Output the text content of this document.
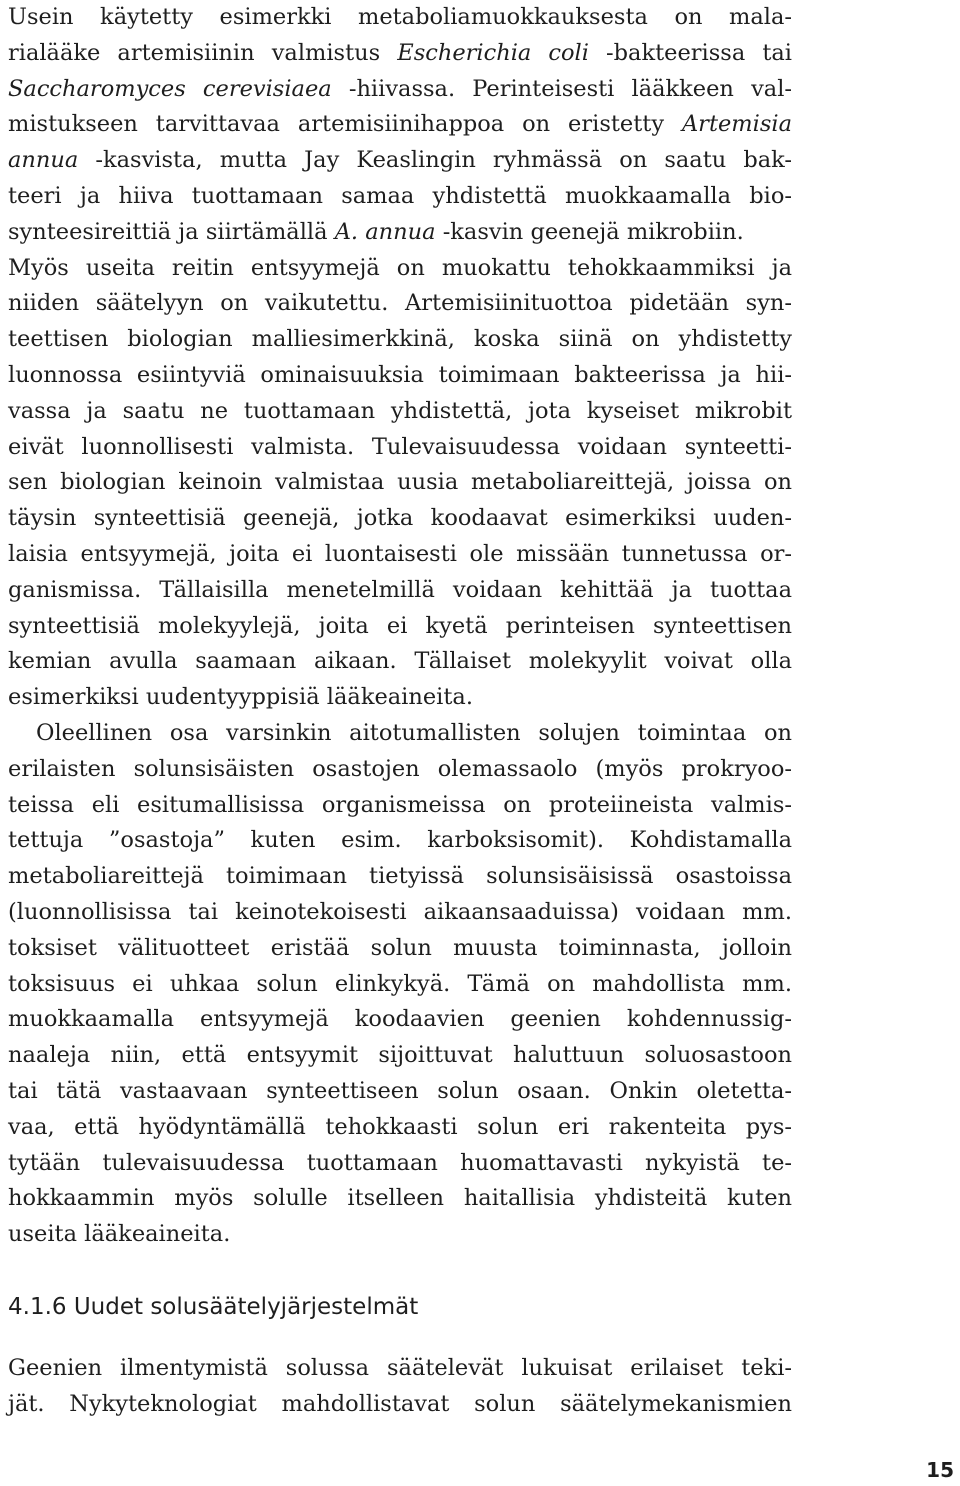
Usein käytetty esimerkki metaboliamuokkauksesta on mala-
rialääke artemisiinin valmistus Escherichia coli -bakteerissa tai
Saccharomyces cerevisiaea -hiivassa. Perinteisesti lääkkeen val-
mistukseen tarvittavaa artemisiinihappoa on eristetty Artemisia
annua -kasvista, mutta Jay Keaslingin ryhmässä on saatu bak-
teeri ja hiiva tuottamaan samaa yhdistettä muokkaamalla bio-
synteesireittiä ja siirtämällä A. annua -kasvin geenejä mikrobiin.
Myös useita reitin entsyymejä on muokattu tehokkaammiksi ja
niiden säätelyyn on vaikutettu. Artemisiinituottoa pidetään syn-
teettisen biologian malliesimerkkinä, koska siinä on yhdistetty
luonnossa esiintyviä ominaisuuksia toimimaan bakteerissa ja hii-
vassa ja saatu ne tuottamaan yhdistettä, jota kyseiset mikrobit
eivät luonnollisesti valmista. Tulevaisuudessa voidaan synteetti-
sen biologian keinoin valmistaa uusia metaboliareittejä, joissa on
täysin synteettisiä geenejä, jotka koodaavat esimerkiksi uuden-
laisia entsyymejä, joita ei luontaisesti ole missään tunnetussa or-
ganismissa. Tällaisilla menetelmillä voidaan kehittää ja tuottaa
synteettisiä molekyylejä, joita ei kyetä perinteisen synteettisen
kemian avulla saamaan aikaan. Tällaiset molekyylit voivat olla
esimerkiksi uudentyyppisiä lääkeaineita.
Oleellinen osa varsinkin aitotumallisten solujen toimintaa on
erilaisten solunsisäisten osastojen olemassaolo (myös prokryoo-
teissa eli esitumallisissa organismeissa on proteiineista valmis-
tettuja ”osastoja” kuten esim. karboksisomit). Kohdistamalla
metaboliareittejä toimimaan tietyissä solunsisäisissä osastoissa
(luonnollisissa tai keinotekoisesti aikaansaaduissa) voidaan mm.
toksiset välituotteet eristää solun muusta toiminnasta, jolloin
toksisuus ei uhkaa solun elinkykyä. Tämä on mahdollista mm.
muokkaamalla entsyymejä koodaavien geenien kohdennussig-
naaleja niin, että entsyymit sijoittuvat haluttuun soluosastoon
tai tätä vastaavaan synteettiseen solun osaan. Onkin oletetta-
vaa, että hyödyntämällä tehokkaasti solun eri rakenteita pys-
tytään tulevaisuudessa tuottamaan huomattavasti nykyistä te-
hokkaammin myös solulle itselleen haitallisia yhdisteitä kuten
useita lääkeaineita.
4.1.6 Uudet solusäätelyjärjestelmät
Geenien ilmentymistä solussa säätelevät lukuisat erilaiset teki-
jät. Nykyteknologiat mahdollistavat solun säätelymekanismien
15
